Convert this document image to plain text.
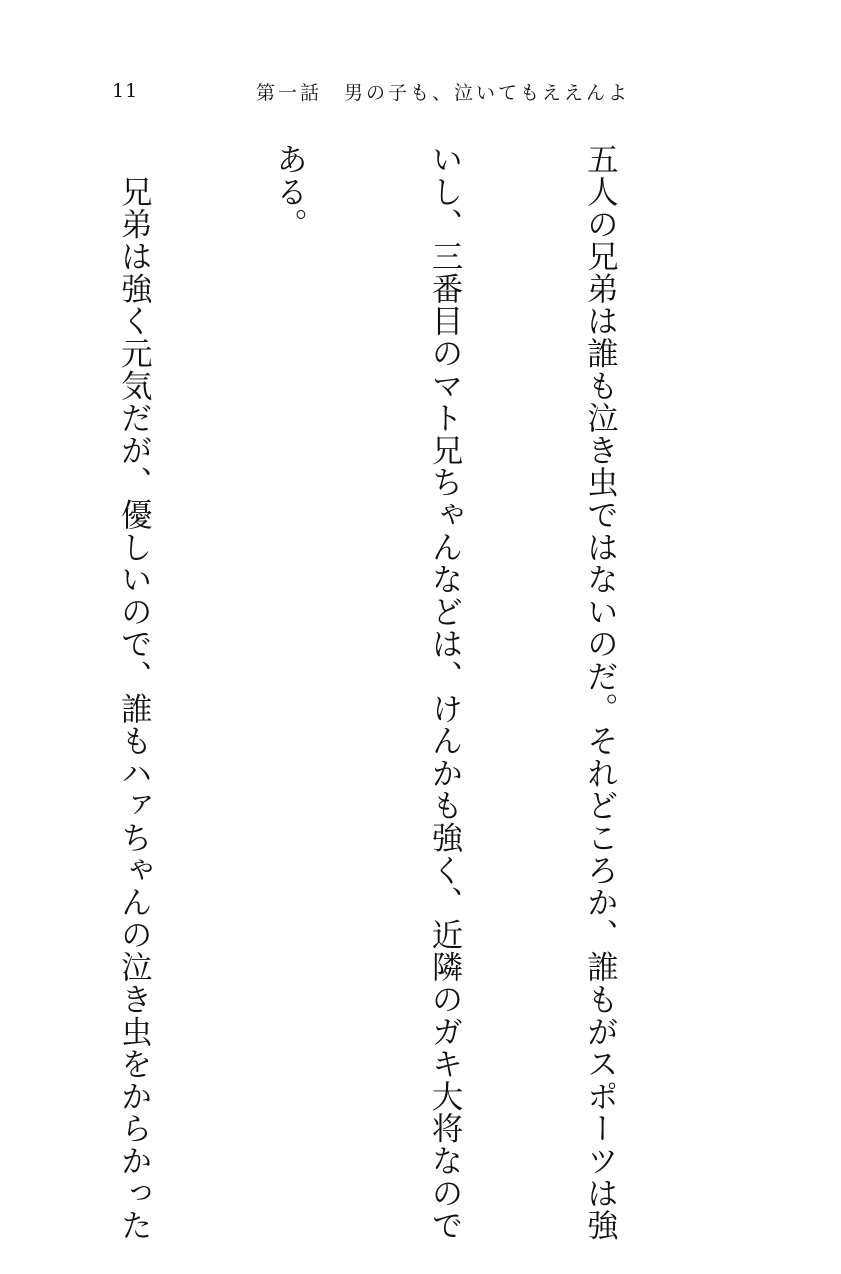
11	第一話　男の子も、泣いてもええんよ

五人の兄弟は誰も泣き虫ではないのだ。それどころか、誰もがスポーツは強

いし、三番目のマト兄ちゃんなどは、けんかも強く、近隣のガキ大将なので

ある。

　兄弟は強く元気だが、優しいので、誰もハァちゃんの泣き虫をからかった
